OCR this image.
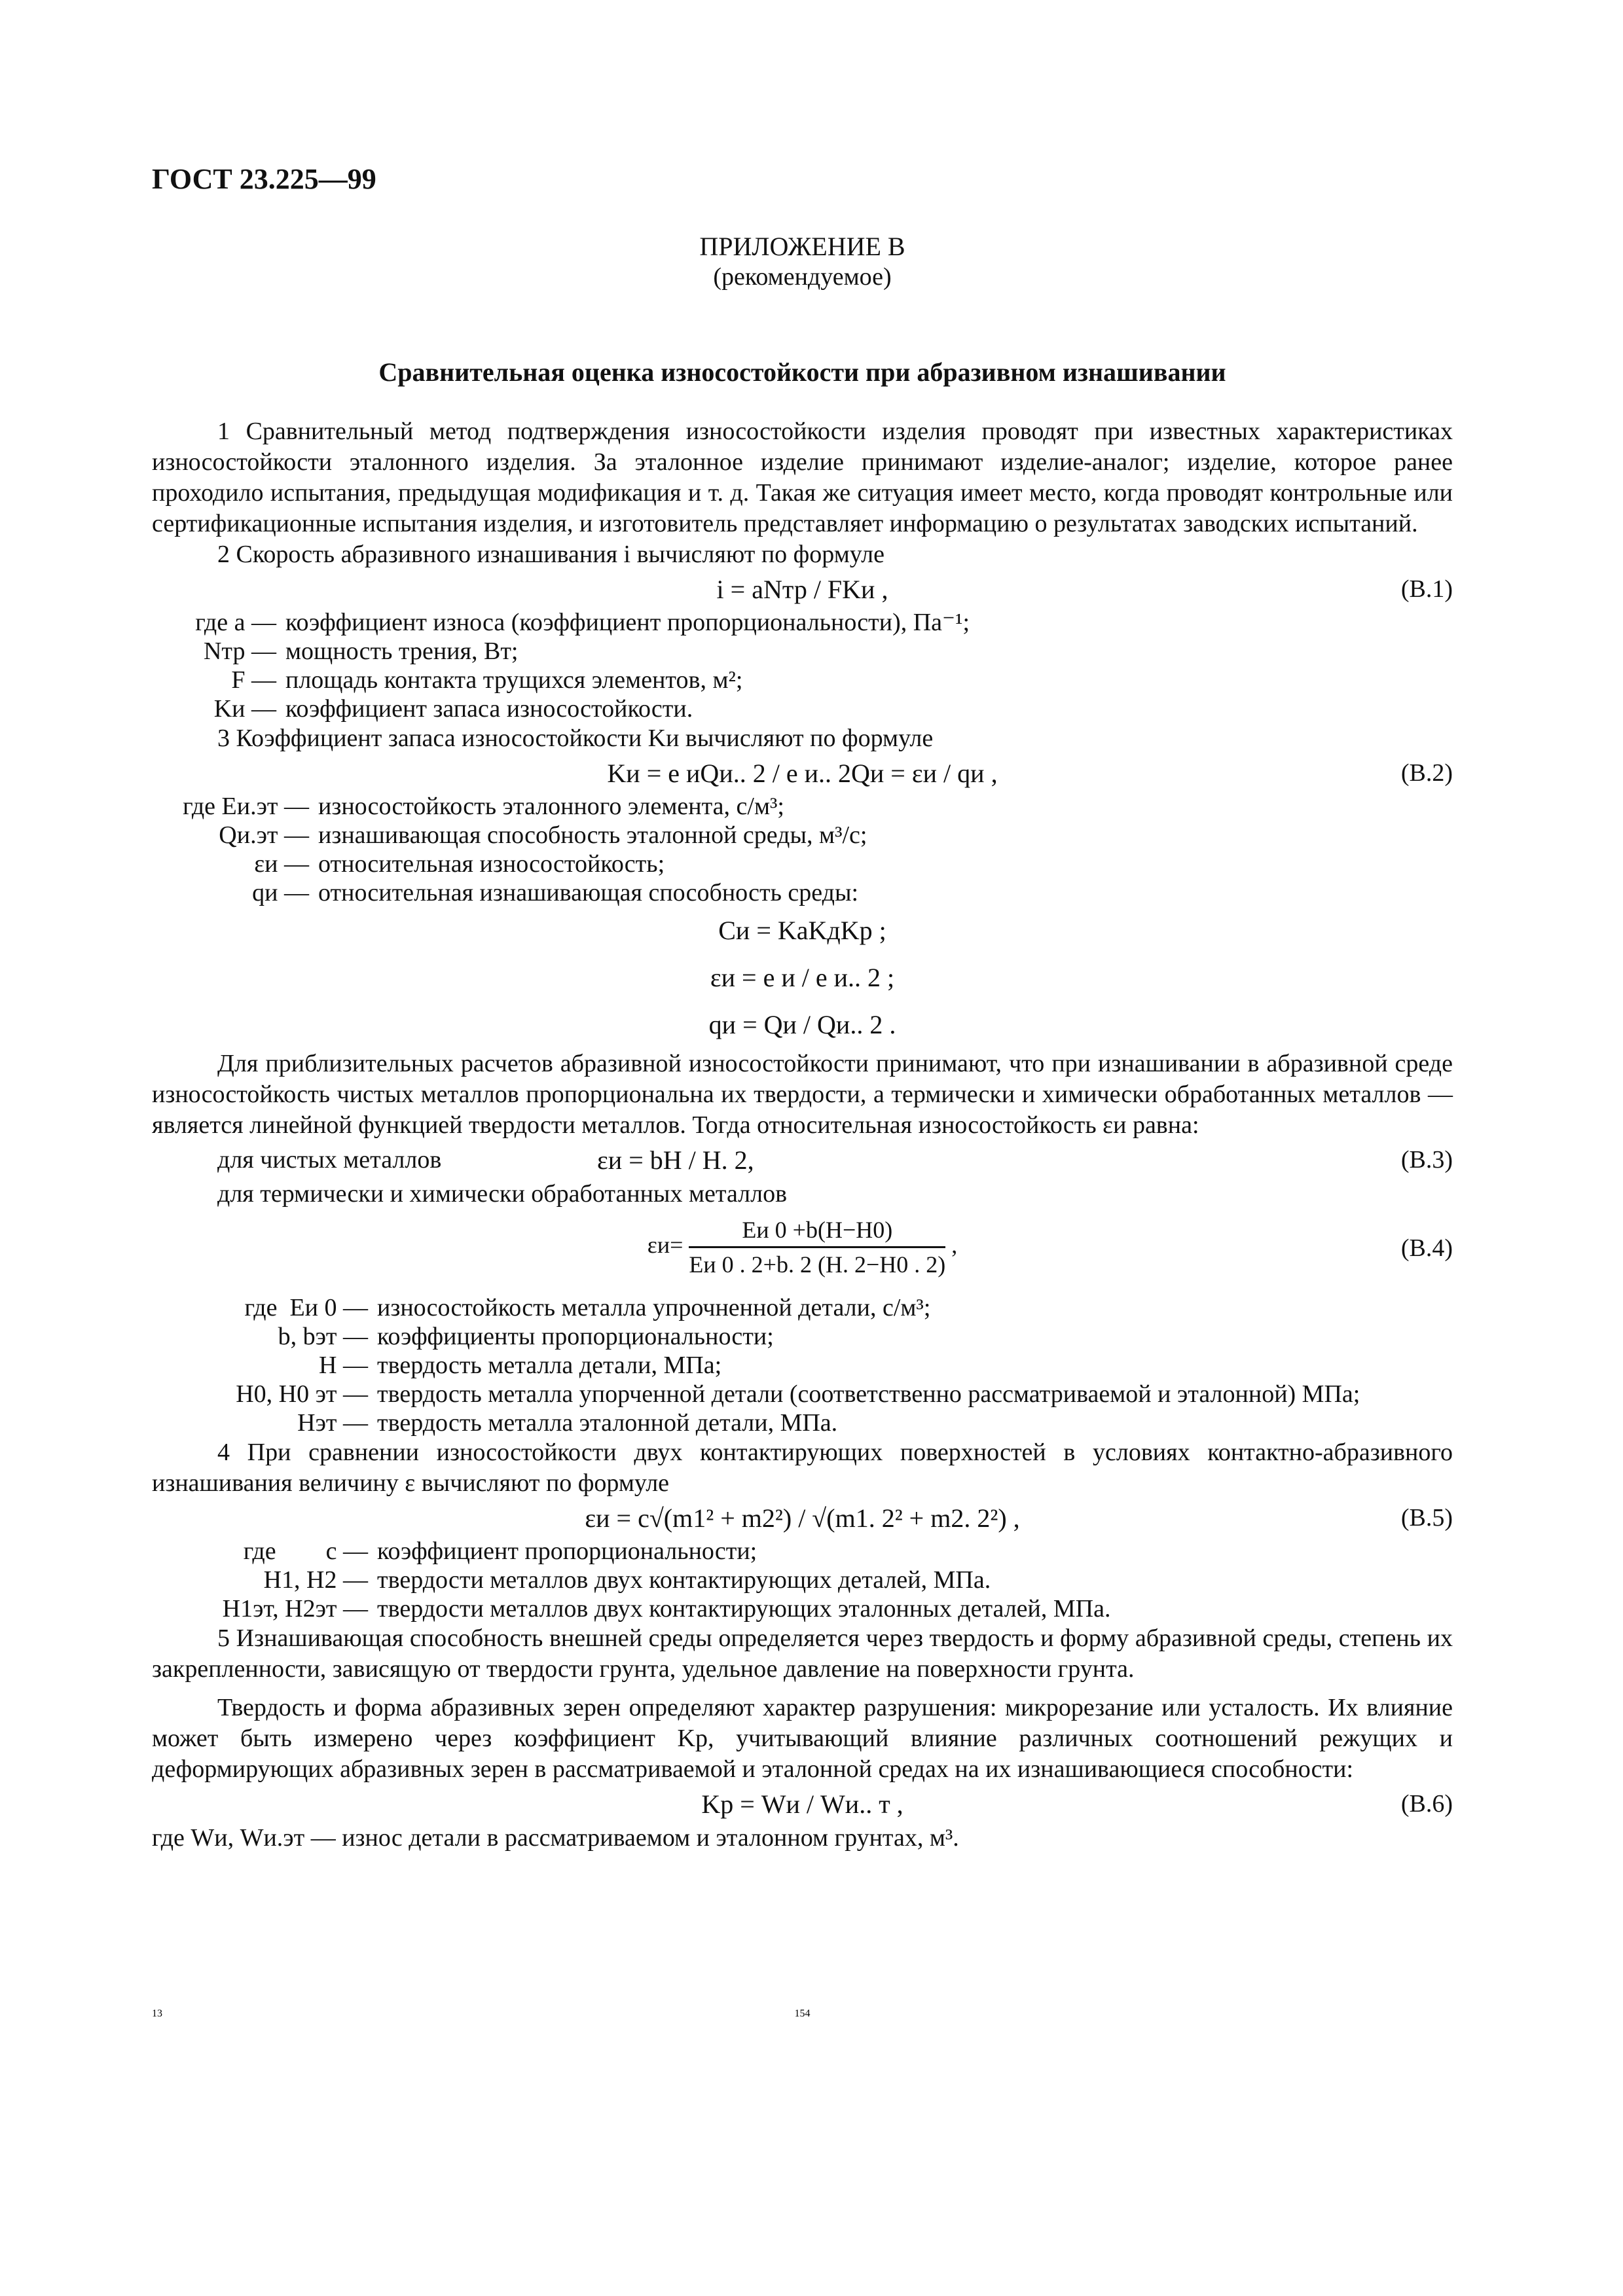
ГОСТ 23.225—99
ПРИЛОЖЕНИЕ В
(рекомендуемое)
Сравнительная оценка износостойкости при абразивном изнашивании

1 Сравнительный метод подтверждения износостойкости изделия проводят при известных характеристиках износостойкости эталонного изделия. За эталонное изделие принимают изделие-аналог; изделие, которое ранее проходило испытания, предыдущая модификация и т. д. Такая же ситуация имеет место, когда проводят контрольные или сертификационные испытания изделия, и изготовитель представляет информацию о результатах заводских испытаний.

2 Скорость абразивного изнашивания i вычисляют по формуле

i = aNтр / FKи ,	(В.1)
где a — коэффициент износа (коэффициент пропорциональности), Па⁻¹;
Nтр — мощность трения, Вт;
F — площадь контакта трущихся элементов, м²;
Kи — коэффициент запаса износостойкости.

3 Коэффициент запаса износостойкости Kи вычисляют по формуле

Kи = e иQи.. 2 / e и.. 2Qи = εи / qи ,	(В.2)
где Eи.эт — износостойкость эталонного элемента, с/м³;
Qи.эт — изнашивающая способность эталонной среды, м³/с;
εи — относительная износостойкость;
qи — относительная изнашивающая способность среды:
Cи = KаKдKр ;
εи = e и / e и.. 2 ;
qи = Qи / Qи.. 2 .

Для приблизительных расчетов абразивной износостойкости принимают, что при изнашивании в абразивной среде износостойкость чистых металлов пропорциональна их твердости, а термически и химически обработанных металлов — является линейной функцией твердости металлов. Тогда относительная износостойкость εи равна:

для чистых металлов	εи = bH / H. 2,	(В.3)

для термически и химически обработанных металлов

$\varepsilon и= \frac{Eи 0 +b(H-H0)}{Eи 0 . 2+b. 2 (H. 2-H0 . 2)}$ ,	(В.4)
где  Eи 0 — износостойкость металла упрочненной детали, с/м³;
b, bэт — коэффициенты пропорциональности;
H — твердость металла детали, МПа;
H0, H0 эт — твердость металла упорченной детали (соответственно рассматриваемой и эталонной) МПа;
Hэт — твердость металла эталонной детали, МПа.

4 При сравнении износостойкости двух контактирующих поверхностей в условиях контактно-абразивного изнашивания величину ε вычисляют по формуле

εи = c√(m1² + m2²) / √(m1. 2² + m2. 2²) ,	(В.5)
где        c — коэффициент пропорциональности;
H1, H2 — твердости металлов двух контактирующих деталей, МПа.
H1эт, H2эт — твердости металлов двух контактирующих эталонных деталей, МПа.

5 Изнашивающая способность внешней среды определяется через твердость и форму абразивной среды, степень их закрепленности, зависящую от твердости грунта, удельное давление на поверхности грунта.

Твердость и форма абразивных зерен определяют характер разрушения: микрорезание или усталость. Их влияние может быть измерено через коэффициент Kр, учитывающий влияние различных соотношений режущих и деформирующих абразивных зерен в рассматриваемой и эталонной средах на их изнашивающиеся способности:

Kр = Wи / Wи.. т ,	(В.6)

где Wи, Wи.эт — износ детали в рассматриваемом и эталонном грунтах, м³.

13	154
